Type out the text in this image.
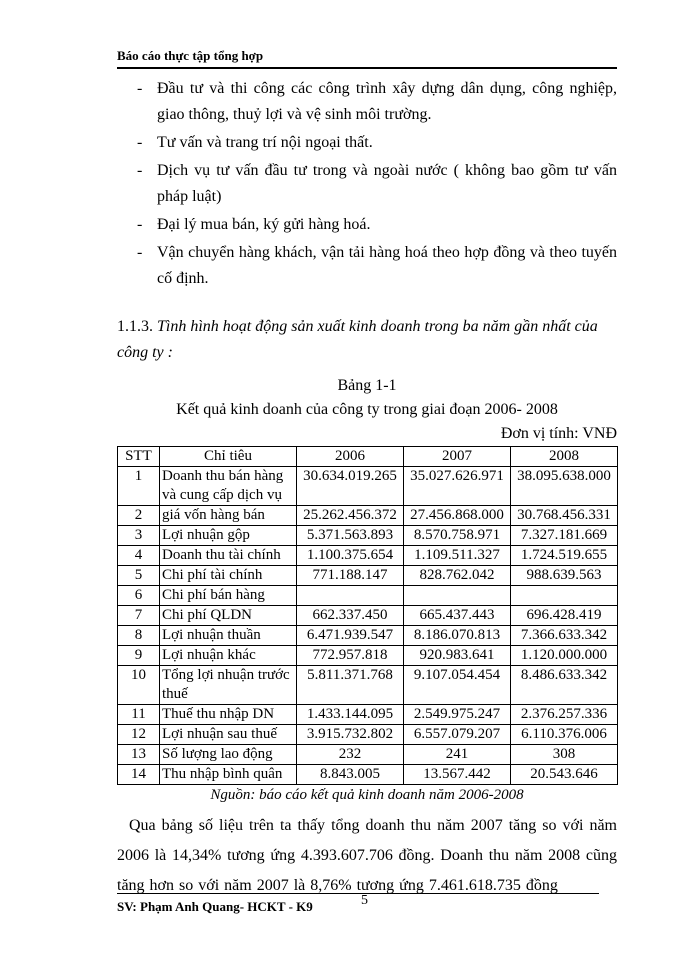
Báo cáo thực tập tổng hợp
- Đầu tư và thi công các công trình xây dựng dân dụng, công nghiệp, giao thông, thuỷ lợi và vệ sinh môi trường.
- Tư vấn và trang trí nội ngoại thất.
- Dịch vụ tư vấn đầu tư trong và ngoài nước ( không bao gồm tư vấn pháp luật)
- Đại lý mua bán, ký gửi hàng hoá.
- Vận chuyển hàng khách, vận tải hàng hoá theo hợp đồng và theo tuyến cố định.
1.1.3. Tình hình hoạt động sản xuất kinh doanh trong ba năm gần nhất của công ty :
Bảng 1-1
Kết quả kinh doanh của công ty trong giai đoạn 2006- 2008
Đơn vị tính: VNĐ
STT	Chỉ tiêu	2006	2007	2008
1	Doanh thu bán hàng và cung cấp dịch vụ	30.634.019.265	35.027.626.971	38.095.638.000
2	giá vốn hàng bán	25.262.456.372	27.456.868.000	30.768.456.331
3	Lợi nhuận gộp	5.371.563.893	8.570.758.971	7.327.181.669
4	Doanh thu tài chính	1.100.375.654	1.109.511.327	1.724.519.655
5	Chi phí tài chính	771.188.147	828.762.042	988.639.563
6	Chi phí bán hàng			
7	Chi phí QLDN	662.337.450	665.437.443	696.428.419
8	Lợi nhuận thuần	6.471.939.547	8.186.070.813	7.366.633.342
9	Lợi nhuận khác	772.957.818	920.983.641	1.120.000.000
10	Tổng lợi nhuận trước thuế	5.811.371.768	9.107.054.454	8.486.633.342
11	Thuế thu nhập DN	1.433.144.095	2.549.975.247	2.376.257.336
12	Lợi nhuận sau thuế	3.915.732.802	6.557.079.207	6.110.376.006
13	Số lượng lao động	232	241	308
14	Thu nhập bình quân	8.843.005	13.567.442	20.543.646
Nguồn: báo cáo kết quả kinh doanh năm 2006-2008
Qua bảng số liệu trên ta thấy tổng doanh thu năm 2007 tăng so với năm 2006 là 14,34% tương ứng 4.393.607.706 đồng. Doanh thu năm 2008 cũng tăng hơn so với năm 2007 là 8,76% tương ứng 7.461.618.735 đồng
SV: Phạm Anh Quang- HCKT - K9	5
